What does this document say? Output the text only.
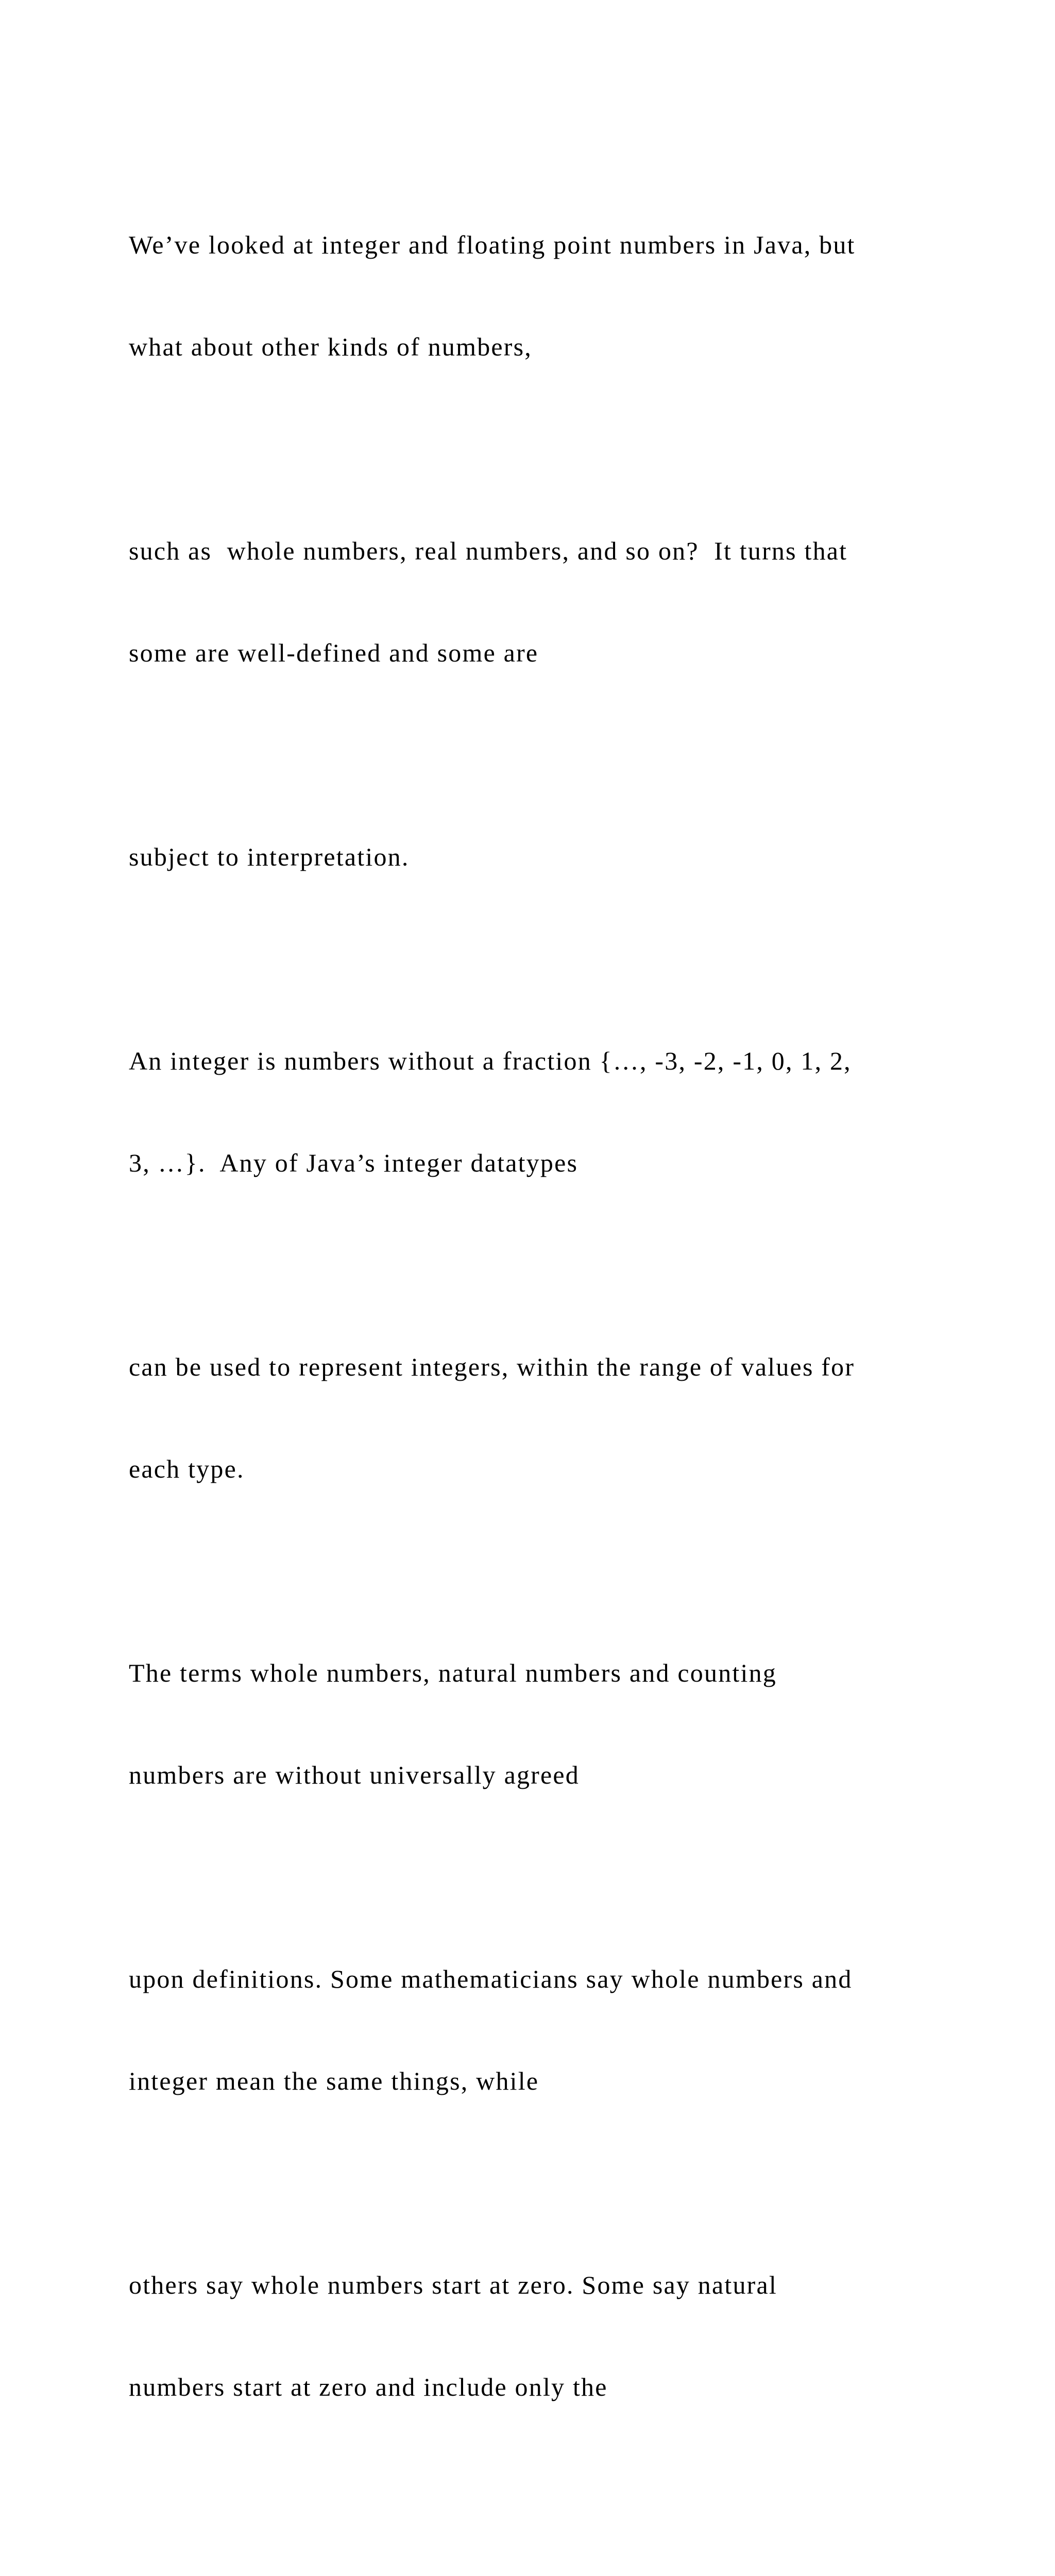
We’ve looked at integer and floating point numbers in Java, but

what about other kinds of numbers,

such as  whole numbers, real numbers, and so on?  It turns that

some are well-defined and some are

subject to interpretation.

An integer is numbers without a fraction {…, -3, -2, -1, 0, 1, 2,

3, …}.  Any of Java’s integer datatypes

can be used to represent integers, within the range of values for

each type.

The terms whole numbers, natural numbers and counting

numbers are without universally agreed

upon definitions. Some mathematicians say whole numbers and

integer mean the same things, while

others say whole numbers start at zero. Some say natural

numbers start at zero and include only the
